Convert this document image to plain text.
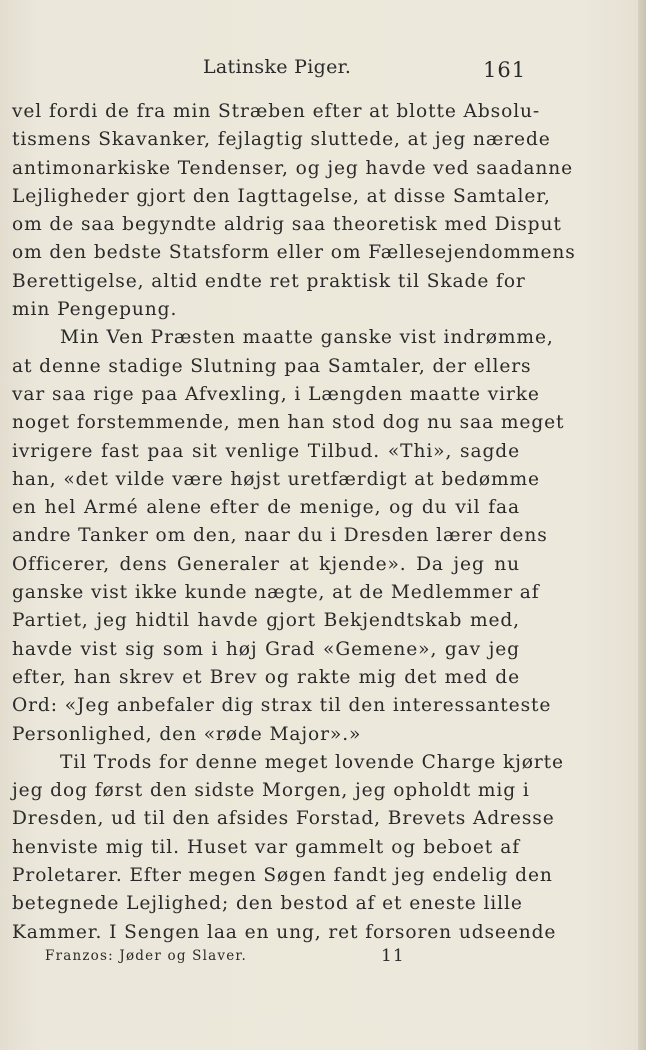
Latinske Piger.	161
vel fordi de fra min Stræben efter at blotte Absolu-
tismens Skavanker, fejlagtig sluttede, at jeg nærede
antimonarkiske Tendenser, og jeg havde ved saadanne
Lejligheder gjort den Iagttagelse, at disse Samtaler,
om de saa begyndte aldrig saa theoretisk med Disput
om den bedste Statsform eller om Fællesejendommens
Berettigelse, altid endte ret praktisk til Skade for
min Pengepung.
Min Ven Præsten maatte ganske vist indrømme,
at denne stadige Slutning paa Samtaler, der ellers
var saa rige paa Afvexling, i Længden maatte virke
noget forstemmende, men han stod dog nu saa meget
ivrigere fast paa sit venlige Tilbud. «Thi», sagde
han, «det vilde være højst uretfærdigt at bedømme
en hel Armé alene efter de menige, og du vil faa
andre Tanker om den, naar du i Dresden lærer dens
Officerer, dens Generaler at kjende». Da jeg nu
ganske vist ikke kunde nægte, at de Medlemmer af
Partiet, jeg hidtil havde gjort Bekjendtskab med,
havde vist sig som i høj Grad «Gemene», gav jeg
efter, han skrev et Brev og rakte mig det med de
Ord: «Jeg anbefaler dig strax til den interessanteste
Personlighed, den «røde Major».»
Til Trods for denne meget lovende Charge kjørte
jeg dog først den sidste Morgen, jeg opholdt mig i
Dresden, ud til den afsides Forstad, Brevets Adresse
henviste mig til. Huset var gammelt og beboet af
Proletarer. Efter megen Søgen fandt jeg endelig den
betegnede Lejlighed; den bestod af et eneste lille
Kammer. I Sengen laa en ung, ret forsoren udseende
Franzos: Jøder og Slaver.	11
